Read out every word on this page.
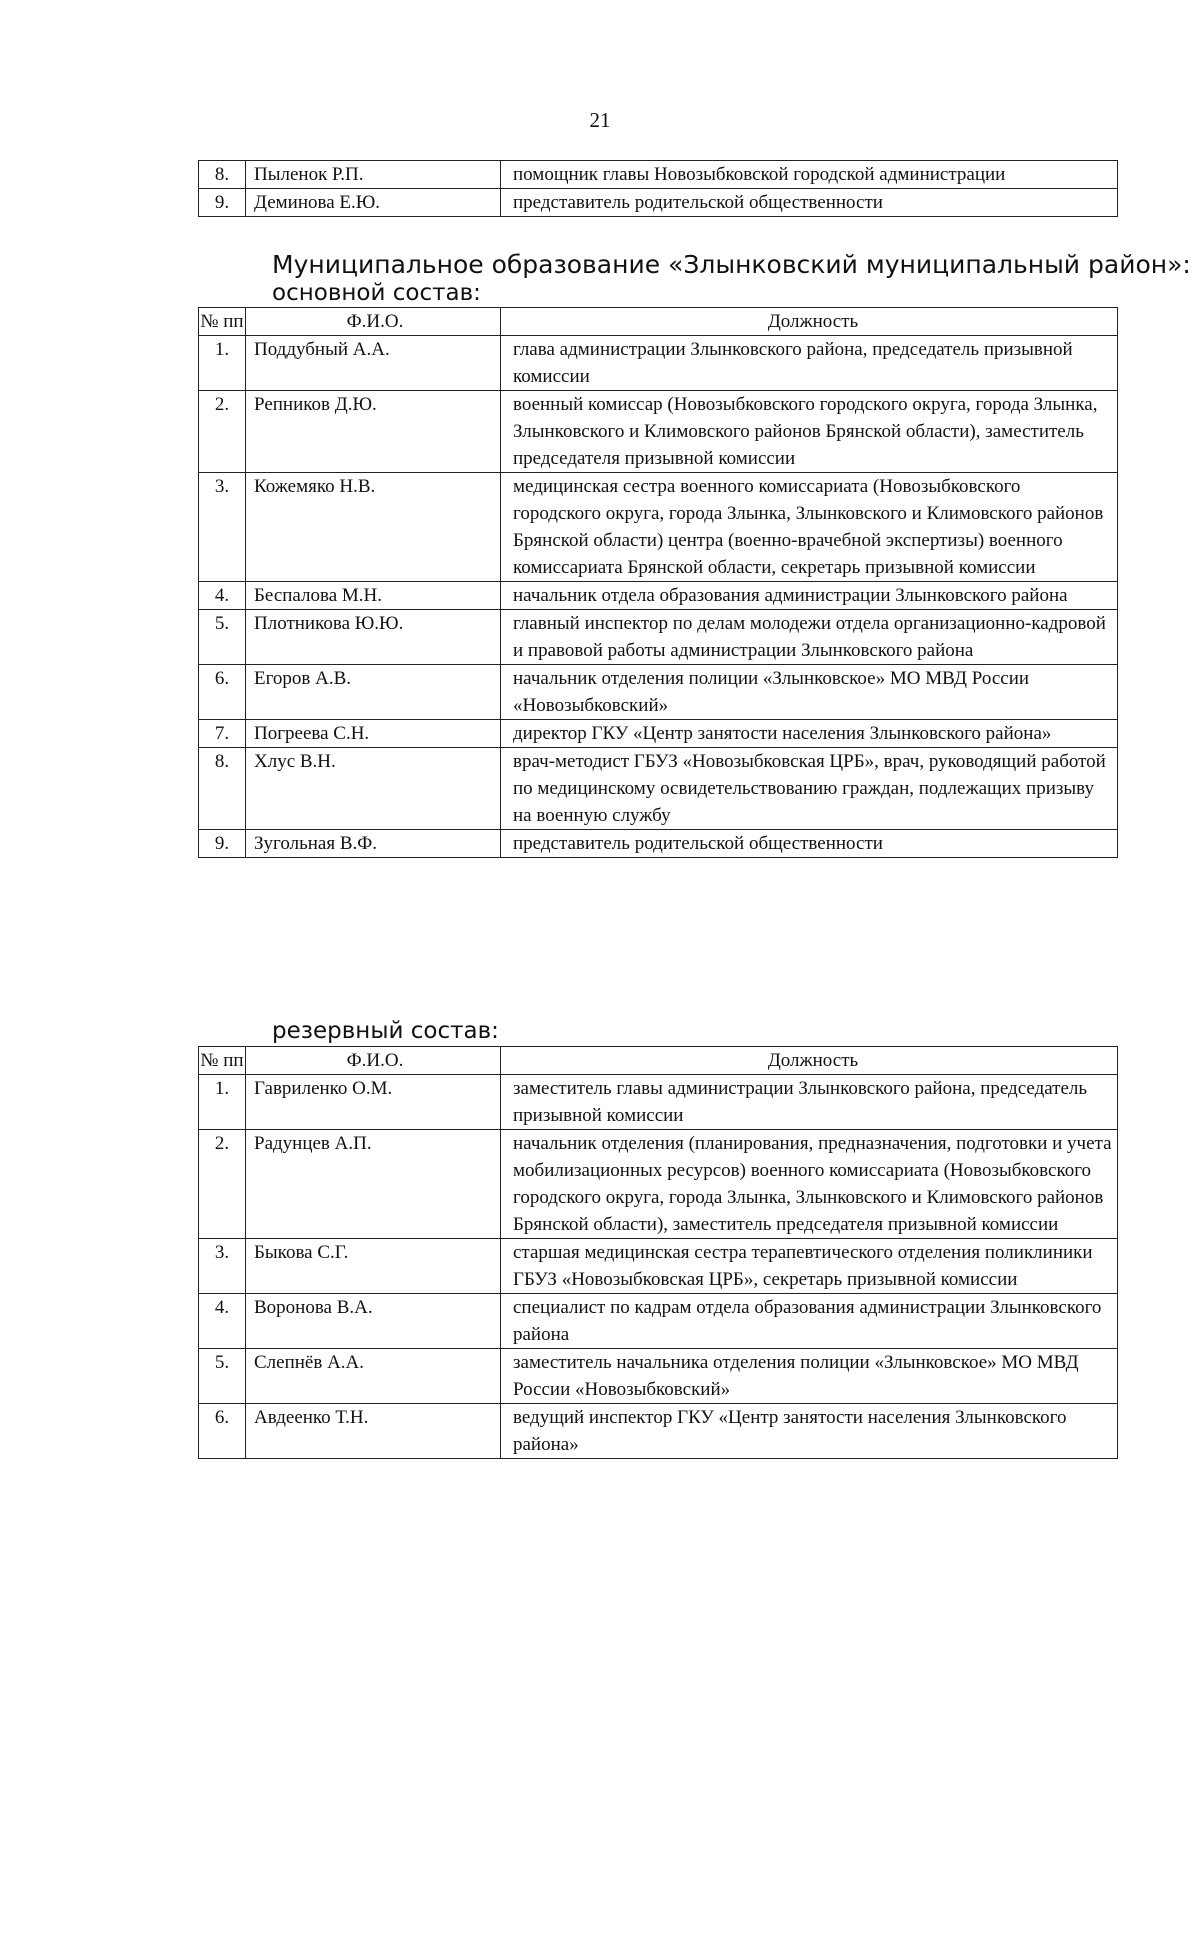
21
8.	Пыленок Р.П.	помощник главы Новозыбковской городской администрации
9.	Деминова Е.Ю.	представитель родительской общественности
Муниципальное образование «Злынковский муниципальный район»:
основной состав:
№ пп	Ф.И.О.	Должность
1.	Поддубный А.А.	глава администрации Злынковского района, председатель призывной комиссии
2.	Репников Д.Ю.	военный комиссар (Новозыбковского городского округа, города Злынка, Злынковского и Климовского районов Брянской области), заместитель председателя призывной комиссии
3.	Кожемяко Н.В.	медицинская сестра военного комиссариата (Новозыбковского городского округа, города Злынка, Злынковского и Климовского районов Брянской области) центра (военно-врачебной экспертизы) военного комиссариата Брянской области, секретарь призывной комиссии
4.	Беспалова М.Н.	начальник отдела образования администрации Злынковского района
5.	Плотникова Ю.Ю.	главный инспектор по делам молодежи отдела организационно-кадровой и правовой работы администрации Злынковского района
6.	Егоров А.В.	начальник отделения полиции «Злынковское» МО МВД России «Новозыбковский»
7.	Погреева С.Н.	директор ГКУ «Центр занятости населения Злынковского района»
8.	Хлус В.Н.	врач-методист ГБУЗ «Новозыбковская ЦРБ», врач, руководящий работой по медицинскому освидетельствованию граждан, подлежащих призыву на военную службу
9.	Зугольная В.Ф.	представитель родительской общественности
резервный состав:
№ пп	Ф.И.О.	Должность
1.	Гавриленко О.М.	заместитель главы администрации Злынковского района, председатель призывной комиссии
2.	Радунцев А.П.	начальник отделения (планирования, предназначения, подготовки и учета мобилизационных ресурсов) военного комиссариата (Новозыбковского городского округа, города Злынка, Злынковского и Климовского районов Брянской области), заместитель председателя призывной комиссии
3.	Быкова С.Г.	старшая медицинская сестра терапевтического отделения поликлиники ГБУЗ «Новозыбковская ЦРБ», секретарь призывной комиссии
4.	Воронова В.А.	специалист по кадрам отдела образования администрации Злынковского района
5.	Слепнёв А.А.	заместитель начальника отделения полиции «Злынковское» МО МВД России «Новозыбковский»
6.	Авдеенко Т.Н.	ведущий инспектор ГКУ «Центр занятости населения Злынковского района»
